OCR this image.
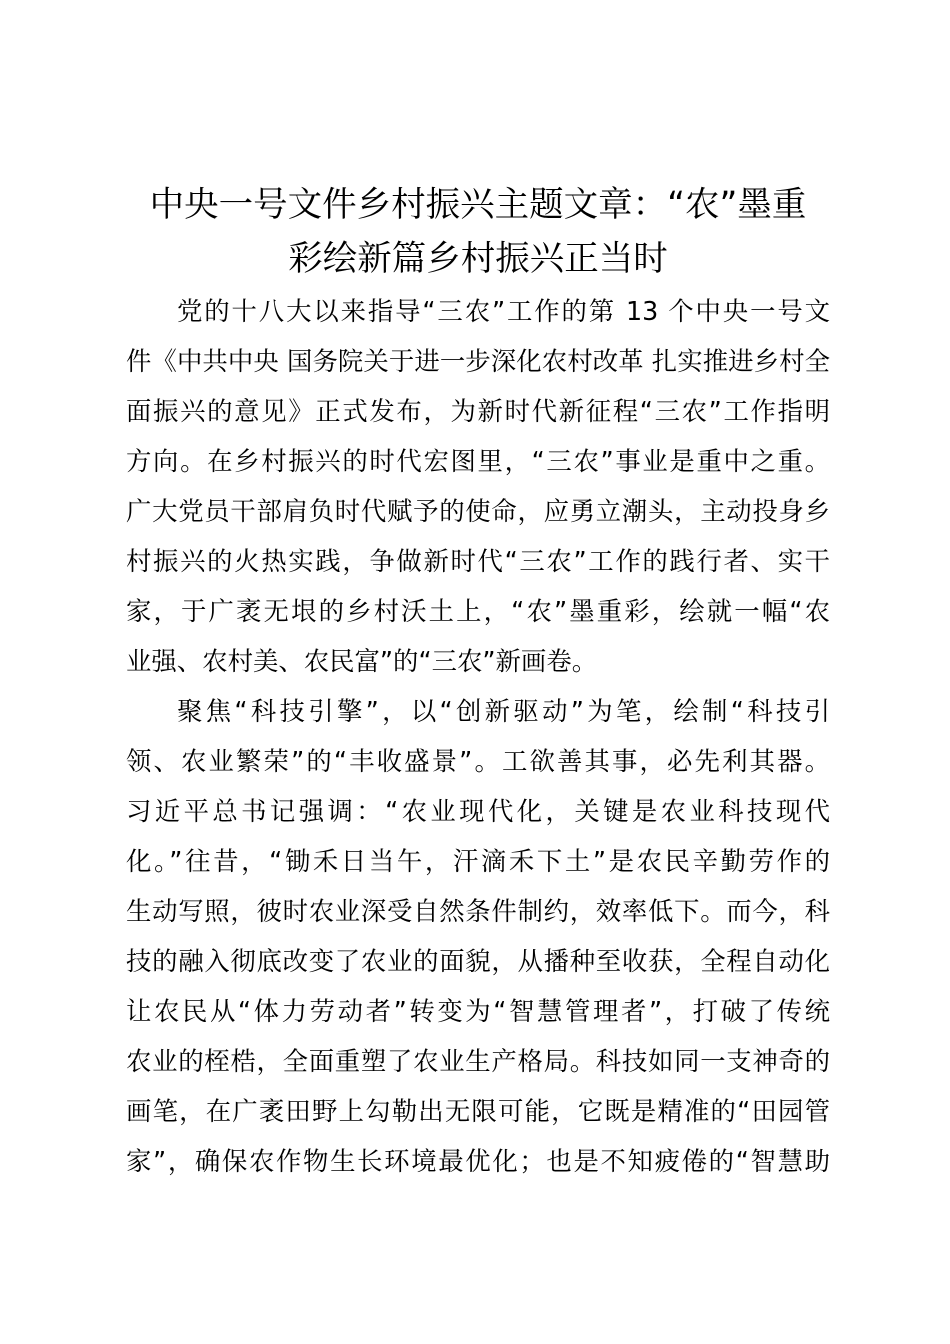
中央一号文件乡村振兴主题文章：“农”墨重
彩绘新篇乡村振兴正当时

党的十八大以来指导“三农”工作的第 13 个中央一号文
件《中共中央 国务院关于进一步深化农村改革 扎实推进乡村全
面振兴的意见》正式发布，为新时代新征程“三农”工作指明
方向。在乡村振兴的时代宏图里，“三农”事业是重中之重。
广大党员干部肩负时代赋予的使命，应勇立潮头，主动投身乡
村振兴的火热实践，争做新时代“三农”工作的践行者、实干
家，于广袤无垠的乡村沃土上，“农”墨重彩，绘就一幅“农
业强、农村美、农民富”的“三农”新画卷。

聚焦“科技引擎”，以“创新驱动”为笔，绘制“科技引
领、农业繁荣”的“丰收盛景”。工欲善其事，必先利其器。
习近平总书记强调：“农业现代化，关键是农业科技现代
化。”往昔，“锄禾日当午，汗滴禾下土”是农民辛勤劳作的
生动写照，彼时农业深受自然条件制约，效率低下。而今，科
技的融入彻底改变了农业的面貌，从播种至收获，全程自动化
让农民从“体力劳动者”转变为“智慧管理者”，打破了传统
农业的桎梏，全面重塑了农业生产格局。科技如同一支神奇的
画笔，在广袤田野上勾勒出无限可能，它既是精准的“田园管
家”，确保农作物生长环境最优化；也是不知疲倦的“智慧助
